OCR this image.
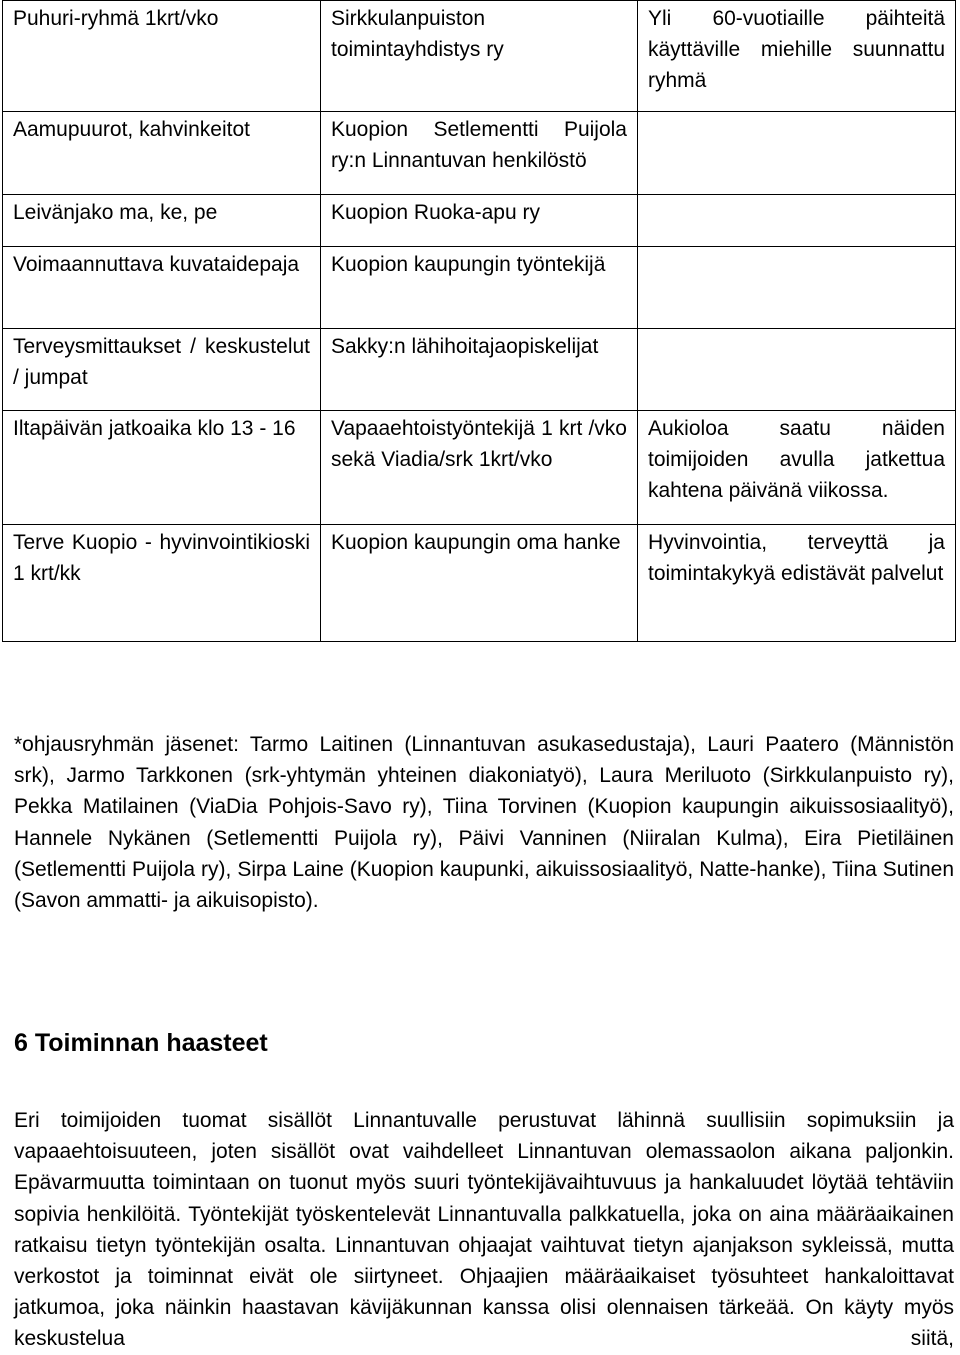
Puhuri-ryhmä 1krt/vko	Sirkkulanpuiston toimintayhdistys ry	Yli 60-vuotiaille päihteitä käyttäville miehille suunnattu ryhmä
Aamupuurot, kahvinkeitot	Kuopion Setlementti Puijola ry:n Linnantuvan henkilöstö	
Leivänjako ma, ke, pe	Kuopion Ruoka-apu ry	
Voimaannuttava kuvataidepaja	Kuopion kaupungin työntekijä	
Terveysmittaukset / keskustelut / jumpat	Sakky:n lähihoitajaopiskelijat	
Iltapäivän jatkoaika klo 13 - 16	Vapaaehtoistyöntekijä 1 krt /vko sekä Viadia/srk 1krt/vko	Aukioloa saatu näiden toimijoiden avulla jatkettua kahtena päivänä viikossa.
Terve Kuopio - hyvinvointikioski 1 krt/kk	Kuopion kaupungin oma hanke	Hyvinvointia, terveyttä ja toimintakykyä edistävät palvelut

*ohjausryhmän jäsenet: Tarmo Laitinen (Linnantuvan asukasedustaja), Lauri Paatero (Männistön srk), Jarmo Tarkkonen (srk-yhtymän yhteinen diakoniatyö), Laura Meriluoto (Sirkkulanpuisto ry), Pekka Matilainen (ViaDia Pohjois-Savo ry), Tiina Torvinen (Kuopion kaupungin aikuissosiaalityö), Hannele Nykänen (Setlementti Puijola ry), Päivi Vanninen (Niiralan Kulma), Eira Pietiläinen (Setlementti Puijola ry), Sirpa Laine (Kuopion kaupunki, aikuissosiaalityö, Natte-hanke), Tiina Sutinen (Savon ammatti- ja aikuisopisto).

6 Toiminnan haasteet

Eri toimijoiden tuomat sisällöt Linnantuvalle perustuvat lähinnä suullisiin sopimuksiin ja vapaaehtoisuuteen, joten sisällöt ovat vaihdelleet Linnantuvan olemassaolon aikana paljonkin. Epävarmuutta toimintaan on tuonut myös suuri työntekijävaihtuvuus ja hankaluudet löytää tehtäviin sopivia henkilöitä. Työntekijät työskentelevät Linnantuvalla palkkatuella, joka on aina määräaikainen ratkaisu tietyn työntekijän osalta. Linnantuvan ohjaajat vaihtuvat tietyn ajanjakson sykleissä, mutta verkostot ja toiminnat eivät ole siirtyneet. Ohjaajien määräaikaiset työsuhteet hankaloittavat jatkumoa, joka näinkin haastavan kävijäkunnan kanssa olisi olennaisen tärkeää. On käyty myös keskustelua siitä,
